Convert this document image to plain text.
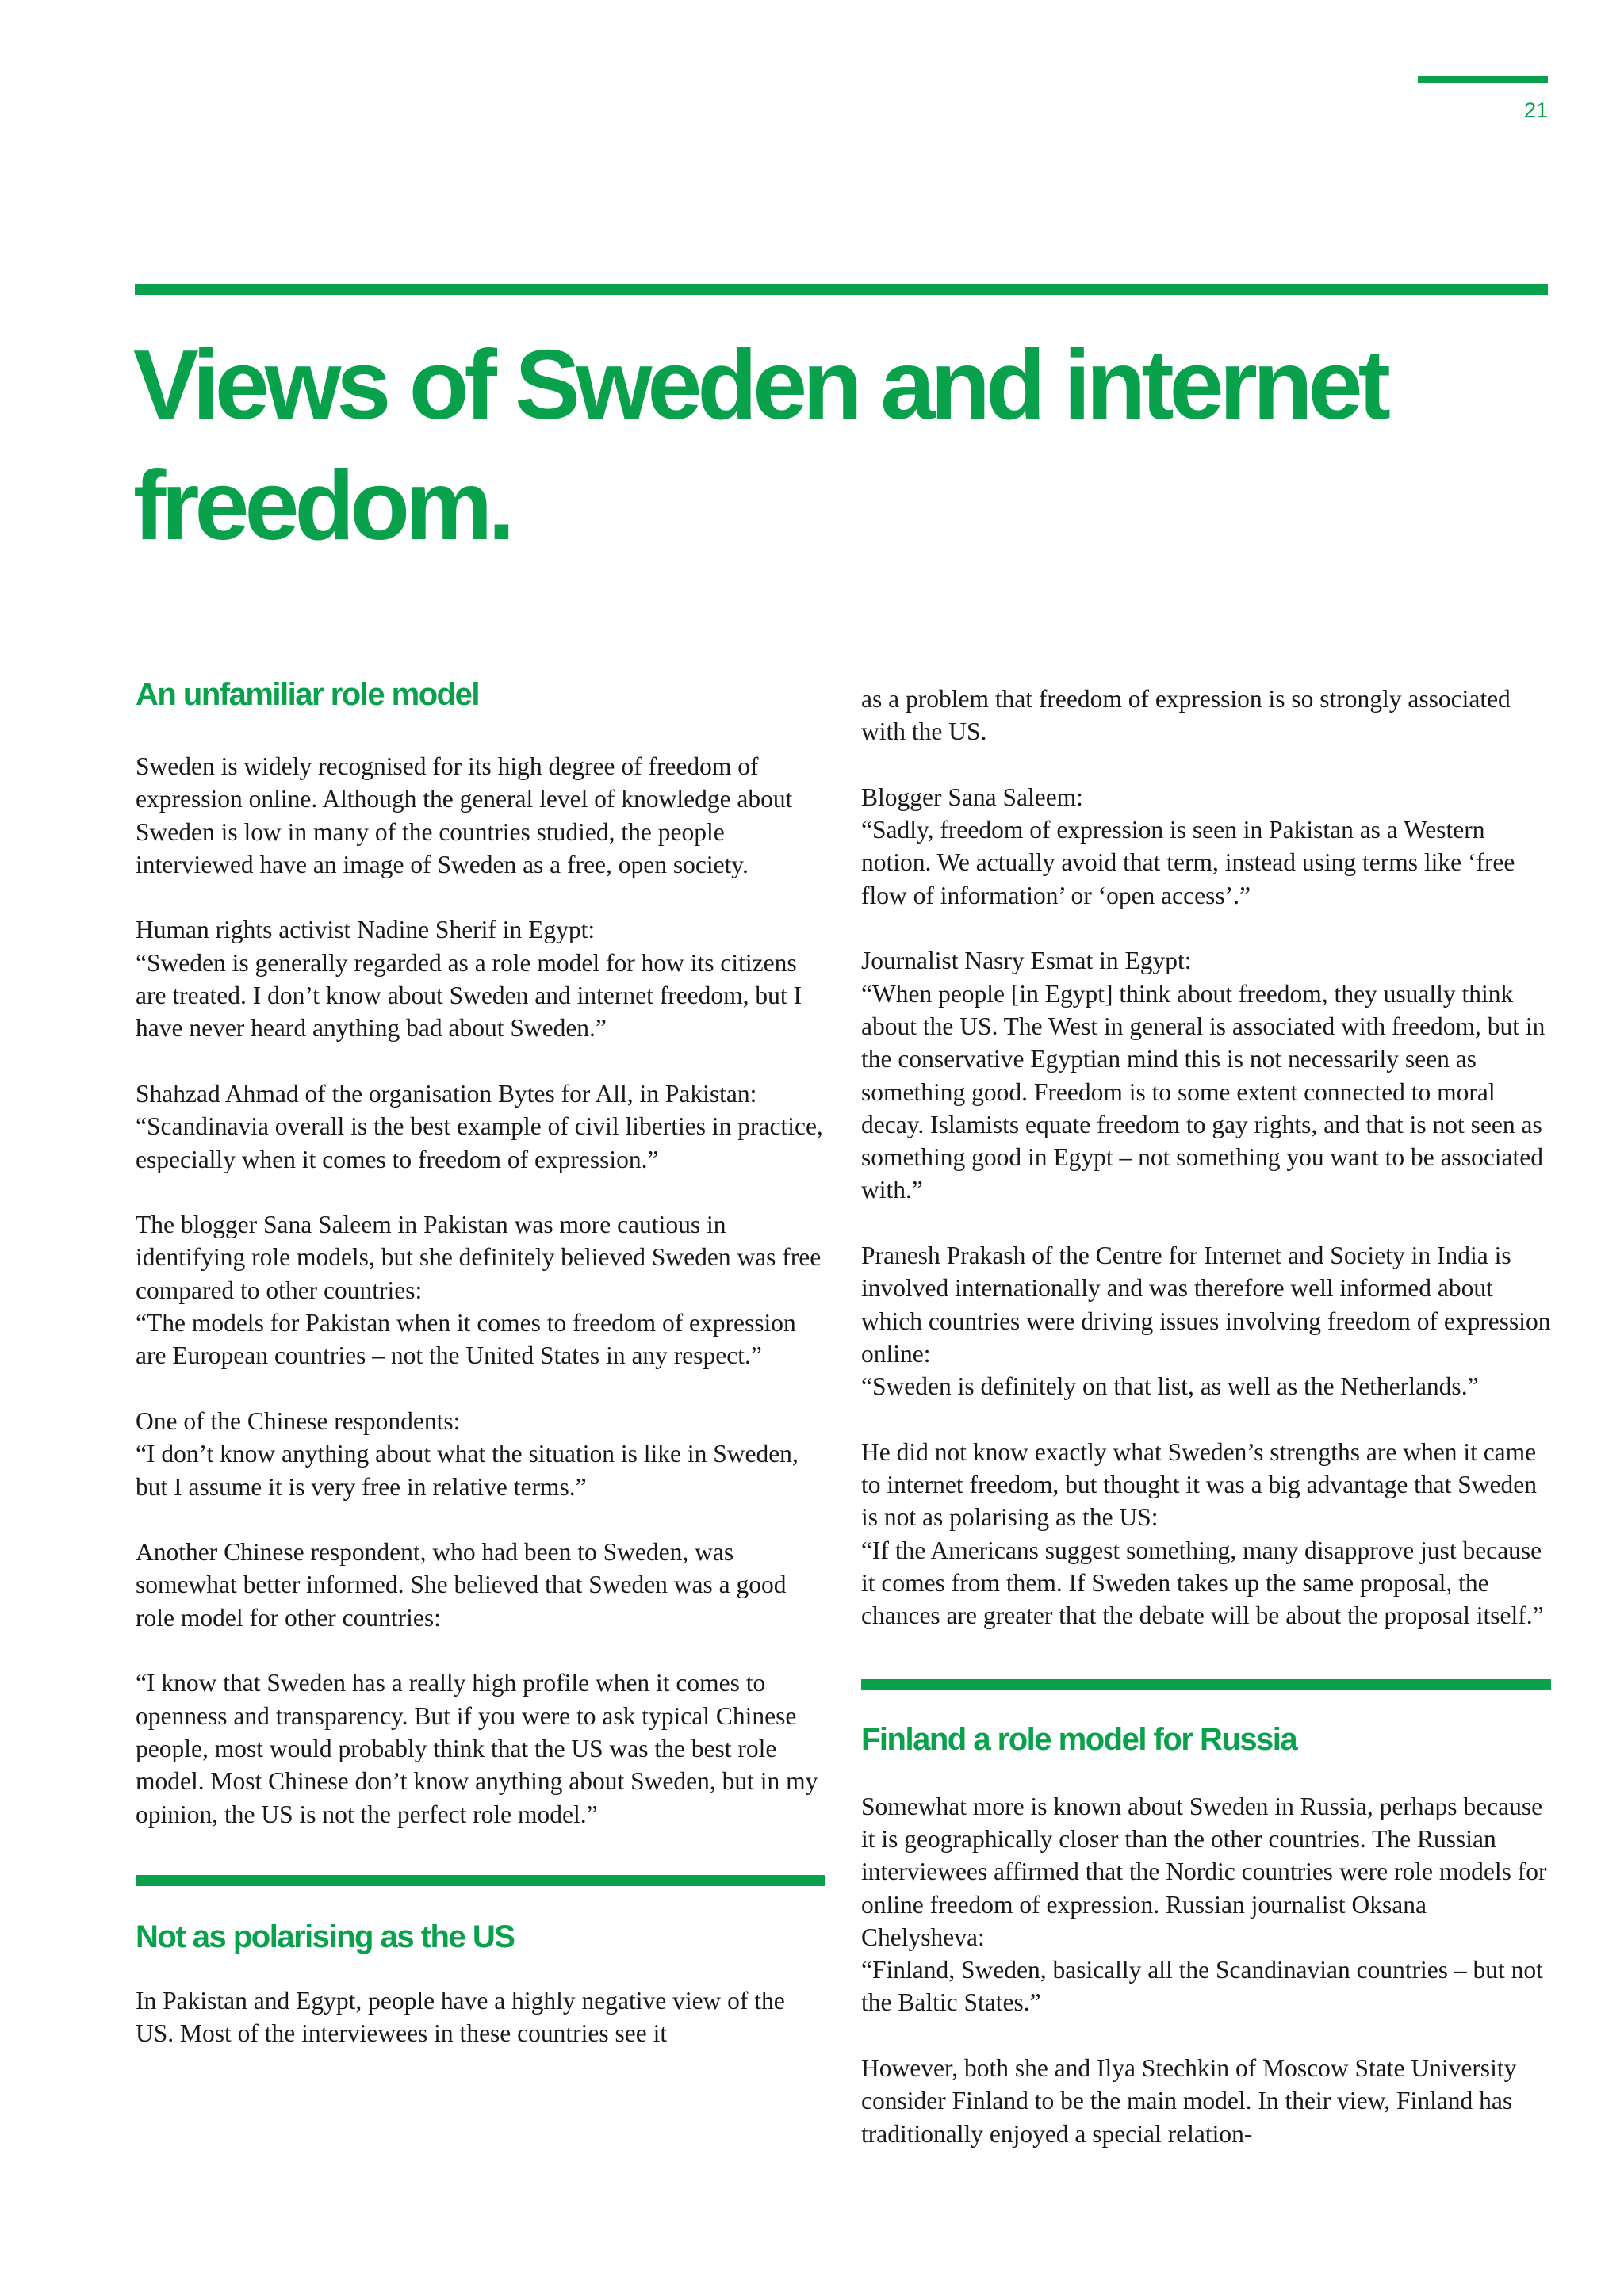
21
Views of Sweden and internet freedom.
An unfamiliar role model

Sweden is widely recognised for its high degree of freedom of expression online. Although the general level of knowledge about Sweden is low in many of the countries studied, the people interviewed have an image of Sweden as a free, open society.

Human rights activist Nadine Sherif in Egypt:

“Sweden is generally regarded as a role model for how its citizens are treated. I don’t know about Sweden and internet freedom, but I have never heard anything bad about Sweden.”

Shahzad Ahmad of the organisation Bytes for All, in Pakistan:

“Scandinavia overall is the best example of civil liberties in practice, especially when it comes to freedom of expression.”

The blogger Sana Saleem in Pakistan was more cautious in identifying role models, but she definitely believed Sweden was free compared to other countries:

“The models for Pakistan when it comes to freedom of expression are European countries – not the United States in any respect.”

One of the Chinese respondents:

“I don’t know anything about what the situation is like in Sweden, but I assume it is very free in relative terms.”

Another Chinese respondent, who had been to Sweden, was somewhat better informed. She believed that Sweden was a good role model for other countries:

“I know that Sweden has a really high profile when it comes to openness and transparency. But if you were to ask typical Chinese people, most would probably think that the US was the best role model. Most Chinese don’t know anything about Sweden, but in my opinion, the US is not the perfect role model.”

Not as polarising as the US

In Pakistan and Egypt, people have a highly negative view of the US. Most of the interviewees in these countries see it

as a problem that freedom of expression is so strongly associated with the US.

Blogger Sana Saleem:

“Sadly, freedom of expression is seen in Pakistan as a Western notion. We actually avoid that term, instead using terms like ‘free flow of information’ or ‘open access’.”

Journalist Nasry Esmat in Egypt:

“When people [in Egypt] think about freedom, they usually think about the US. The West in general is associated with freedom, but in the conservative Egyptian mind this is not necessarily seen as something good. Freedom is to some extent connected to moral decay. Islamists equate freedom to gay rights, and that is not seen as something good in Egypt – not something you want to be associated with.”

Pranesh Prakash of the Centre for Internet and Society in India is involved internationally and was therefore well informed about which countries were driving issues involving freedom of expression online:

“Sweden is definitely on that list, as well as the Netherlands.”

He did not know exactly what Sweden’s strengths are when it came to internet freedom, but thought it was a big advantage that Sweden is not as polarising as the US:

“If the Americans suggest something, many disapprove just because it comes from them. If Sweden takes up the same proposal, the chances are greater that the debate will be about the proposal itself.”

Finland a role model for Russia

Somewhat more is known about Sweden in Russia, perhaps because it is geographically closer than the other countries. The Russian interviewees affirmed that the Nordic countries were role models for online freedom of expression. Russian journalist Oksana Chelysheva:

“Finland, Sweden, basically all the Scandinavian countries – but not the Baltic States.”

However, both she and Ilya Stechkin of Moscow State University consider Finland to be the main model. In their view, Finland has traditionally enjoyed a special relation-
